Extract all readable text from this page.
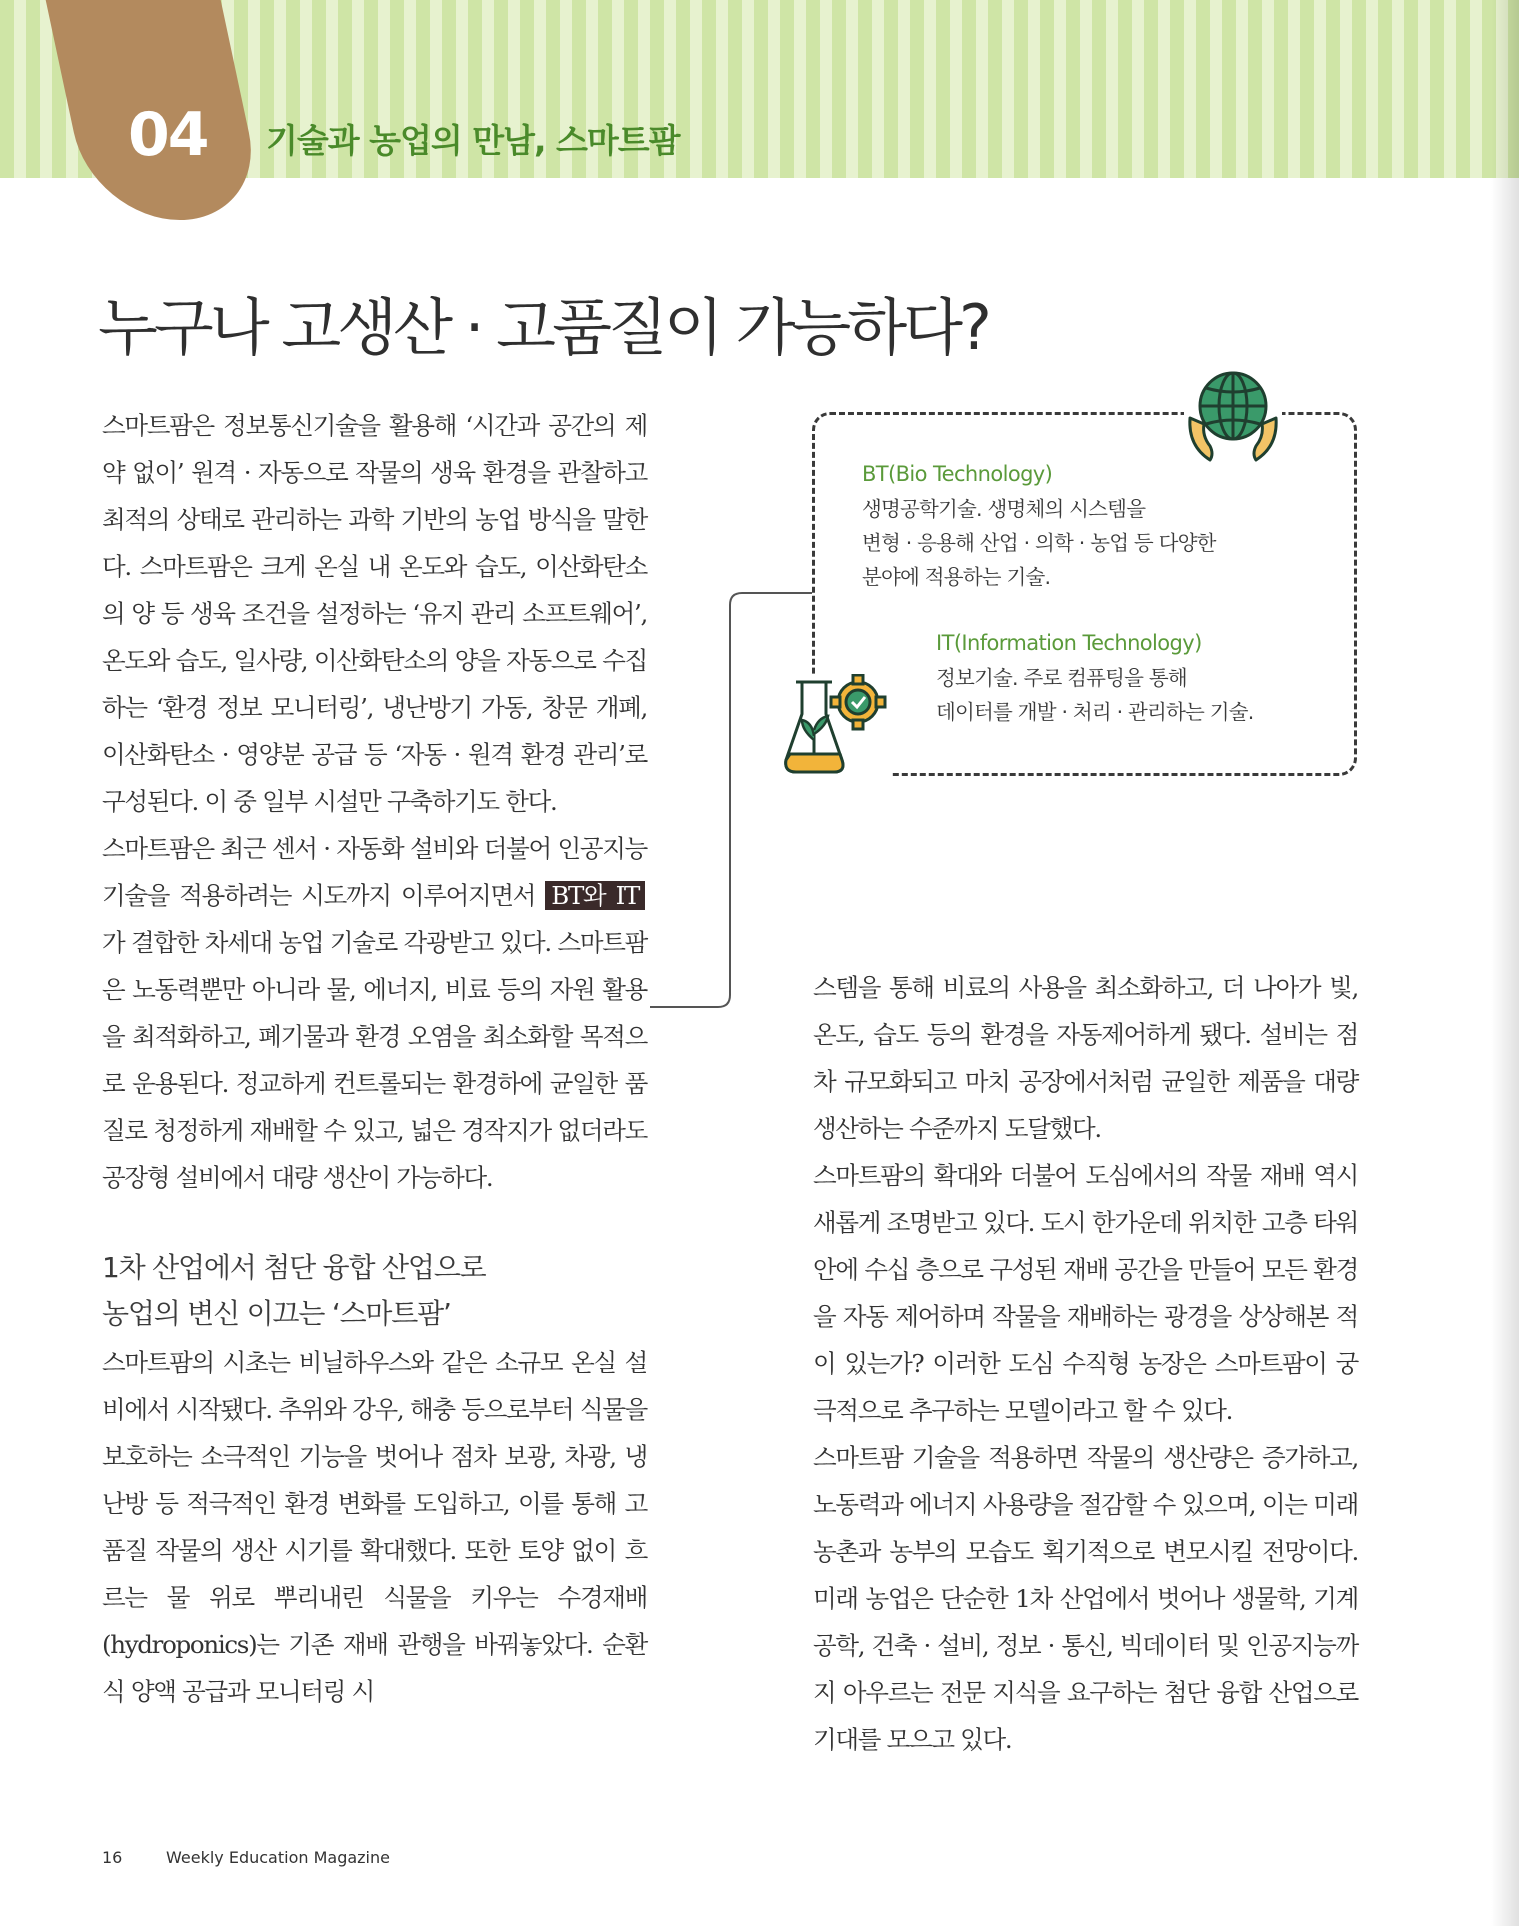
04	기술과 농업의 만남, 스마트팜
누구나 고생산 · 고품질이 가능하다?

스마트팜은 정보통신기술을 활용해 ‘시간과 공간의 제약 없이’ 원격 · 자동으로 작물의 생육 환경을 관찰하고 최적의 상태로 관리하는 과학 기반의 농업 방식을 말한다. 스마트팜은 크게 온실 내 온도와 습도, 이산화탄소의 양 등 생육 조건을 설정하는 ‘유지 관리 소프트웨어’, 온도와 습도, 일사량, 이산화탄소의 양을 자동으로 수집하는 ‘환경 정보 모니터링’, 냉난방기 가동, 창문 개폐, 이산화탄소 · 영양분 공급 등 ‘자동 · 원격 환경 관리’로 구성된다. 이 중 일부 시설만 구축하기도 한다.

스마트팜은 최근 센서 · 자동화 설비와 더불어 인공지능 기술을 적용하려는 시도까지 이루어지면서 BT와 IT가 결합한 차세대 농업 기술로 각광받고 있다. 스마트팜은 노동력뿐만 아니라 물, 에너지, 비료 등의 자원 활용을 최적화하고, 폐기물과 환경 오염을 최소화할 목적으로 운용된다. 정교하게 컨트롤되는 환경하에 균일한 품질로 청정하게 재배할 수 있고, 넓은 경작지가 없더라도 공장형 설비에서 대량 생산이 가능하다.

1차 산업에서 첨단 융합 산업으로
농업의 변신 이끄는 ‘스마트팜’

스마트팜의 시초는 비닐하우스와 같은 소규모 온실 설비에서 시작됐다. 추위와 강우, 해충 등으로부터 식물을 보호하는 소극적인 기능을 벗어나 점차 보광, 차광, 냉난방 등 적극적인 환경 변화를 도입하고, 이를 통해 고품질 작물의 생산 시기를 확대했다. 또한 토양 없이 흐르는 물 위로 뿌리내린 식물을 키우는 수경재배(hydroponics)는 기존 재배 관행을 바꿔놓았다. 순환식 양액 공급과 모니터링 시

BT(Bio Technology)
생명공학기술. 생명체의 시스템을
변형 · 응용해 산업 · 의학 · 농업 등 다양한
분야에 적용하는 기술.
IT(Information Technology)
정보기술. 주로 컴퓨팅을 통해
데이터를 개발 · 처리 · 관리하는 기술.

스템을 통해 비료의 사용을 최소화하고, 더 나아가 빛, 온도, 습도 등의 환경을 자동제어하게 됐다. 설비는 점차 규모화되고 마치 공장에서처럼 균일한 제품을 대량 생산하는 수준까지 도달했다.

스마트팜의 확대와 더불어 도심에서의 작물 재배 역시 새롭게 조명받고 있다. 도시 한가운데 위치한 고층 타워 안에 수십 층으로 구성된 재배 공간을 만들어 모든 환경을 자동 제어하며 작물을 재배하는 광경을 상상해본 적이 있는가? 이러한 도심 수직형 농장은 스마트팜이 궁극적으로 추구하는 모델이라고 할 수 있다.

스마트팜 기술을 적용하면 작물의 생산량은 증가하고, 노동력과 에너지 사용량을 절감할 수 있으며, 이는 미래 농촌과 농부의 모습도 획기적으로 변모시킬 전망이다. 미래 농업은 단순한 1차 산업에서 벗어나 생물학, 기계공학, 건축 · 설비, 정보 · 통신, 빅데이터 및 인공지능까지 아우르는 전문 지식을 요구하는 첨단 융합 산업으로 기대를 모으고 있다.

16	Weekly Education Magazine
